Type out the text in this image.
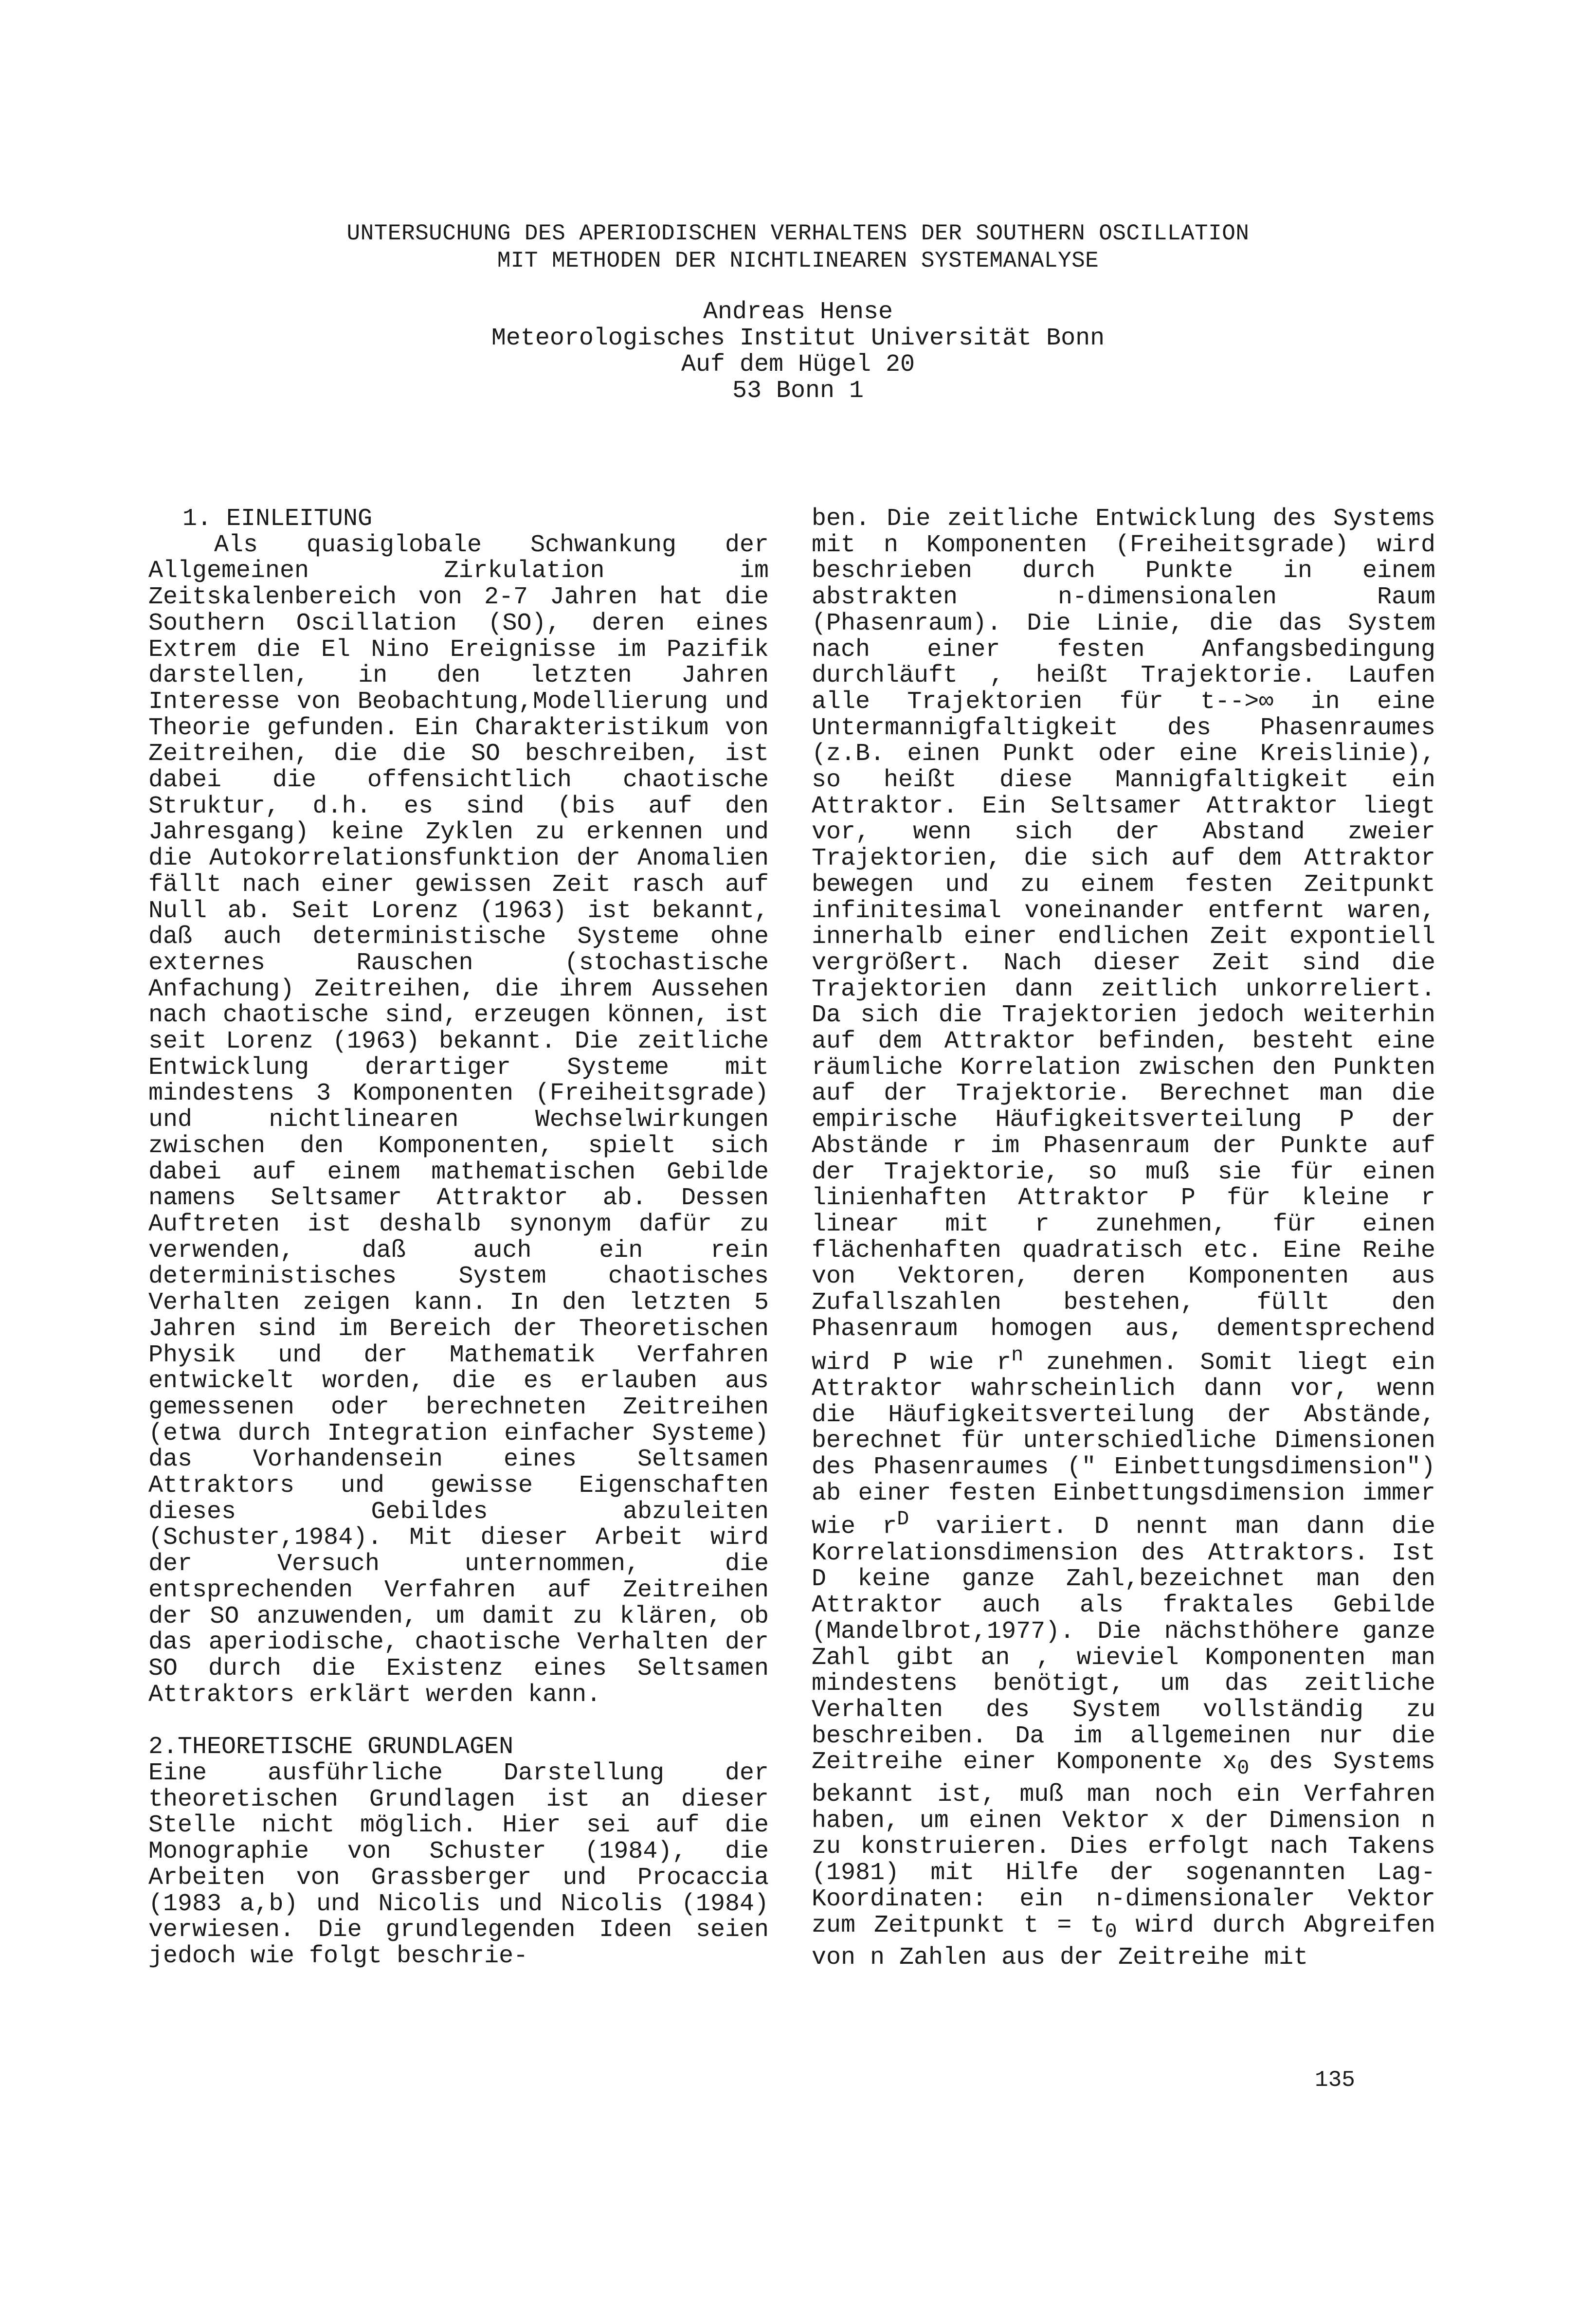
UNTERSUCHUNG DES APERIODISCHEN VERHALTENS DER SOUTHERN OSCILLATION
MIT METHODEN DER NICHTLINEAREN SYSTEMANALYSE
Andreas Hense
Meteorologisches Institut Universität Bonn
Auf dem Hügel 20
53 Bonn 1
1. EINLEITUNG

Als quasiglobale Schwankung der Allgemeinen Zirkulation im Zeitskalenbereich von 2-7 Jahren hat die Southern Oscillation (SO), deren eines Extrem die El Nino Ereignisse im Pazifik darstellen, in den letzten Jahren Interesse von Beobachtung,Modellierung und Theorie gefunden. Ein Charakteristikum von Zeitreihen, die die SO beschreiben, ist dabei die offensichtlich chaotische Struktur, d.h. es sind (bis auf den Jahresgang) keine Zyklen zu erkennen und die Autokorrelationsfunktion der Anomalien fällt nach einer gewissen Zeit rasch auf Null ab. Seit Lorenz (1963) ist bekannt, daß auch deterministische Systeme ohne externes Rauschen (stochastische Anfachung) Zeitreihen, die ihrem Aussehen nach chaotische sind, erzeugen können, ist seit Lorenz (1963) bekannt. Die zeitliche Entwicklung derartiger Systeme mit mindestens 3 Komponenten (Freiheitsgrade) und nichtlinearen Wechselwirkungen zwischen den Komponenten, spielt sich dabei auf einem mathematischen Gebilde namens Seltsamer Attraktor ab. Dessen Auftreten ist deshalb synonym dafür zu verwenden, daß auch ein rein deterministisches System chaotisches Verhalten zeigen kann. In den letzten 5 Jahren sind im Bereich der Theoretischen Physik und der Mathematik Verfahren entwickelt worden, die es erlauben aus gemessenen oder berechneten Zeitreihen (etwa durch Integration einfacher Systeme) das Vorhandensein eines Seltsamen Attraktors und gewisse Eigenschaften dieses Gebildes abzuleiten (Schuster,1984). Mit dieser Arbeit wird der Versuch unternommen, die entsprechenden Verfahren auf Zeitreihen der SO anzuwenden, um damit zu klären, ob das aperiodische, chaotische Verhalten der SO durch die Existenz eines Seltsamen Attraktors erklärt werden kann.

2.THEORETISCHE GRUNDLAGEN

Eine ausführliche Darstellung der theoretischen Grundlagen ist an dieser Stelle nicht möglich. Hier sei auf die Monographie von Schuster (1984), die Arbeiten von Grassberger und Procaccia (1983 a,b) und Nicolis und Nicolis (1984) verwiesen. Die grundlegenden Ideen seien jedoch wie folgt beschrie-

ben. Die zeitliche Entwicklung des Systems mit n Komponenten (Freiheitsgrade) wird beschrieben durch Punkte in einem abstrakten n-dimensionalen Raum (Phasenraum). Die Linie, die das System nach einer festen Anfangsbedingung durchläuft , heißt Trajektorie. Laufen alle Trajektorien für t-->∞ in eine Untermannigfaltigkeit des Phasenraumes (z.B. einen Punkt oder eine Kreislinie), so heißt diese Mannigfaltigkeit ein Attraktor. Ein Seltsamer Attraktor liegt vor, wenn sich der Abstand zweier Trajektorien, die sich auf dem Attraktor bewegen und zu einem festen Zeitpunkt infinitesimal voneinander entfernt waren, innerhalb einer endlichen Zeit expontiell vergrößert. Nach dieser Zeit sind die Trajektorien dann zeitlich unkorreliert. Da sich die Trajektorien jedoch weiterhin auf dem Attraktor befinden, besteht eine räumliche Korrelation zwischen den Punkten auf der Trajektorie. Berechnet man die empirische Häufigkeitsverteilung P der Abstände r im Phasenraum der Punkte auf der Trajektorie, so muß sie für einen linienhaften Attraktor P für kleine r linear mit r zunehmen, für einen flächenhaften quadratisch etc. Eine Reihe von Vektoren, deren Komponenten aus Zufallszahlen bestehen, füllt den Phasenraum homogen aus, dementsprechend wird P wie $r^n$ zunehmen. Somit liegt ein Attraktor wahrscheinlich dann vor, wenn die Häufigkeitsverteilung der Abstände, berechnet für unterschiedliche Dimensionen des Phasenraumes (" Einbettungsdimension") ab einer festen Einbettungsdimension immer wie $r^D$ variiert. D nennt man dann die Korrelationsdimension des Attraktors. Ist D keine ganze Zahl,bezeichnet man den Attraktor auch als fraktales Gebilde (Mandelbrot,1977). Die nächsthöhere ganze Zahl gibt an , wieviel Komponenten man mindestens benötigt, um das zeitliche Verhalten des System vollständig zu beschreiben. Da im allgemeinen nur die Zeitreihe einer Komponente $x_0$ des Systems bekannt ist, muß man noch ein Verfahren haben, um einen Vektor x der Dimension n zu konstruieren. Dies erfolgt nach Takens (1981) mit Hilfe der sogenannten Lag-Koordinaten: ein n-dimensionaler Vektor zum Zeitpunkt $t = t_0$ wird durch Abgreifen von n Zahlen aus der Zeitreihe mit

135
